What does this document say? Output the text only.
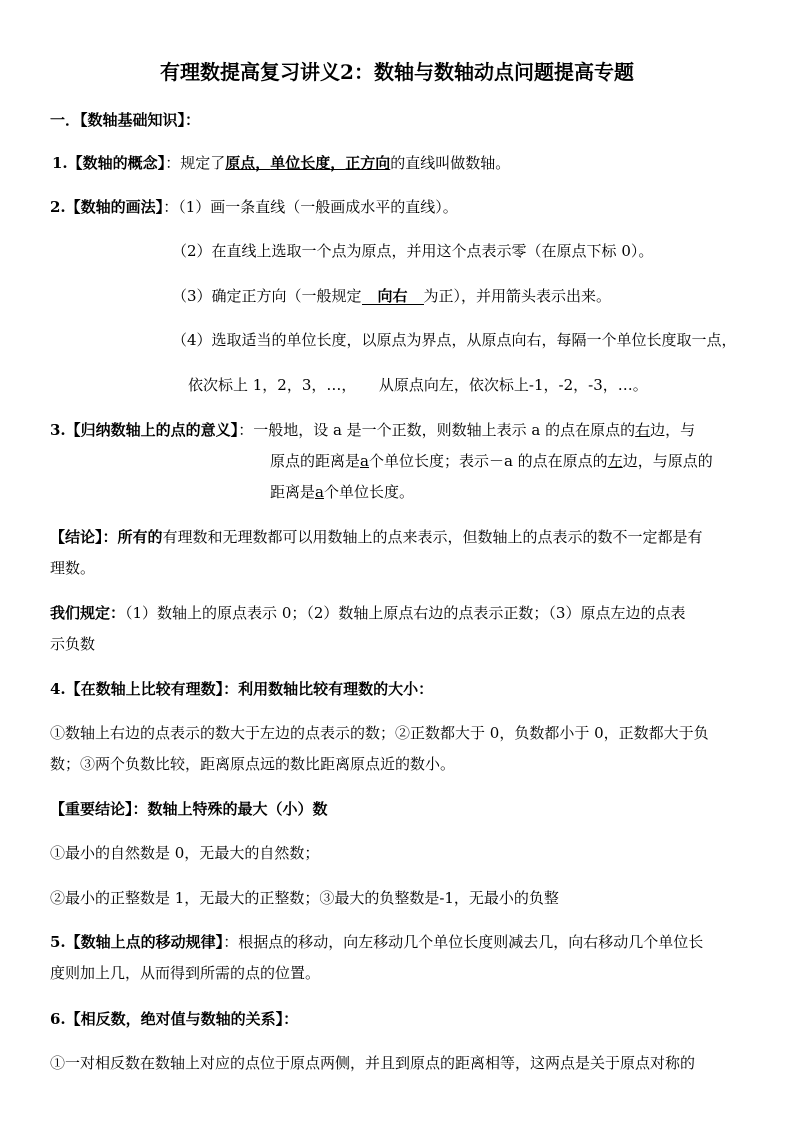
有理数提高复习讲义2：数轴与数轴动点问题提高专题
一．【数轴基础知识】：
1.【数轴的概念】：规定了原点，单位长度，正方向的直线叫做数轴。
2.【数轴的画法】：（1）画一条直线（一般画成水平的直线）。
（2）在直线上选取一个点为原点，并用这个点表示零（在原点下标 0）。
（3）确定正方向（一般规定 向右 为正），并用箭头表示出来。
（4）选取适当的单位长度，以原点为界点，从原点向右，每隔一个单位长度取一点，
依次标上 1，2，3，…，　　从原点向左，依次标上-1，-2，-3，…。
3.【归纳数轴上的点的意义】：一般地，设 a 是一个正数，则数轴上表示 a 的点在原点的右边，与
原点的距离是a个单位长度；表示－a 的点在原点的左边，与原点的
距离是a个单位长度。
【结论】：所有的有理数和无理数都可以用数轴上的点来表示，但数轴上的点表示的数不一定都是有
理数。
我们规定：（1）数轴上的原点表示 0；（2）数轴上原点右边的点表示正数；（3）原点左边的点表
示负数
4.【在数轴上比较有理数】：利用数轴比较有理数的大小：
①数轴上右边的点表示的数大于左边的点表示的数；②正数都大于 0，负数都小于 0，正数都大于负
数；③两个负数比较，距离原点远的数比距离原点近的数小。
【重要结论】：数轴上特殊的最大（小）数
①最小的自然数是 0，无最大的自然数；
②最小的正整数是 1，无最大的正整数；③最大的负整数是-1，无最小的负整
5.【数轴上点的移动规律】：根据点的移动，向左移动几个单位长度则减去几，向右移动几个单位长
度则加上几，从而得到所需的点的位置。
6.【相反数，绝对值与数轴的关系】：
①一对相反数在数轴上对应的点位于原点两侧，并且到原点的距离相等，这两点是关于原点对称的
